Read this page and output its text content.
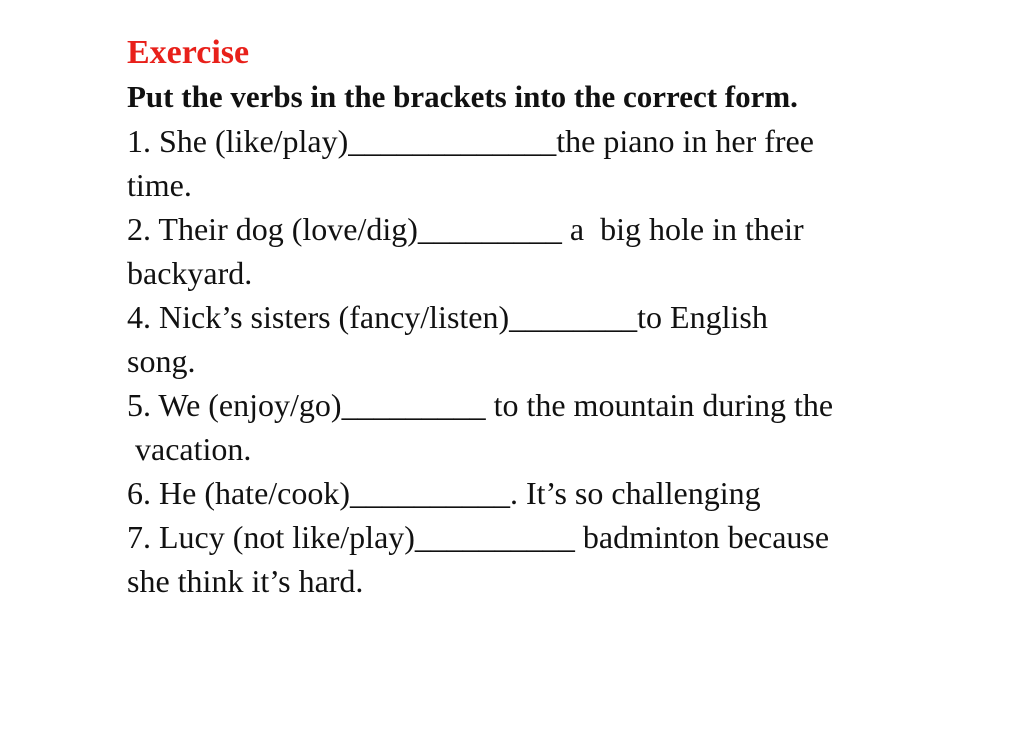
Exercise
Put the verbs in the brackets into the correct form.
1. She (like/play)_____________the piano in her free
time.
2. Their dog (love/dig)_________ a  big hole in their
backyard.
4. Nick’s sisters (fancy/listen)________to English
song.
5. We (enjoy/go)_________ to the mountain during the
vacation.
6. He (hate/cook)__________. It’s so challenging
7. Lucy (not like/play)__________ badminton because
she think it’s hard.
